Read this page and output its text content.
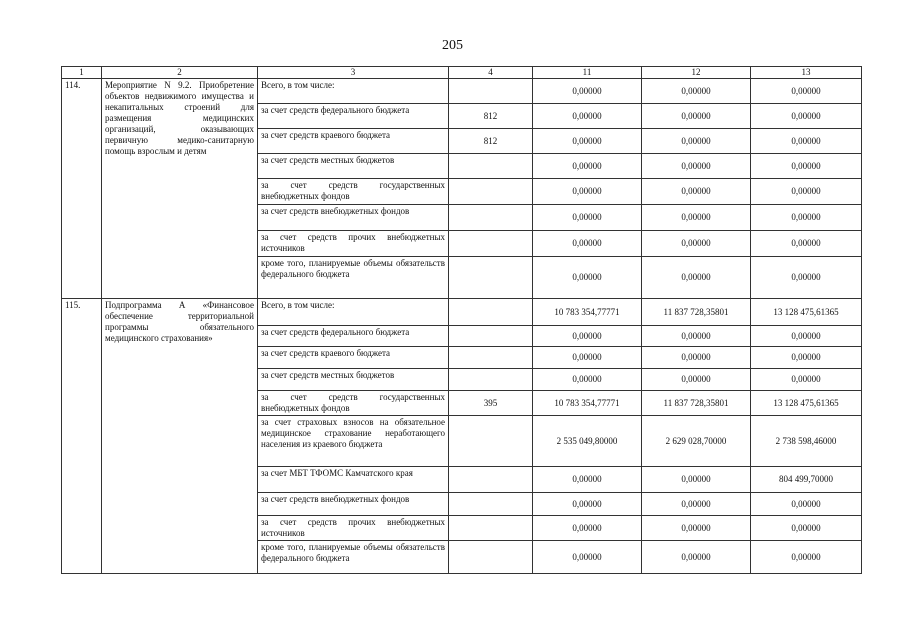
205
1	2	3	4	11	12	13
114.	Мероприятие N 9.2. Приобретение объектов недвижимого имущества и некапитальных строений для размещения медицинских организаций, оказывающих первичную медико-санитарную помощь взрослым и детям	Всего, в том числе:		0,00000	0,00000	0,00000
		за счет средств федерального бюджета	812	0,00000	0,00000	0,00000
		за счет средств краевого бюджета	812	0,00000	0,00000	0,00000
		за счет средств местных бюджетов		0,00000	0,00000	0,00000
		за счет средств государственных внебюджетных фондов		0,00000	0,00000	0,00000
		за счет средств внебюджетных фондов		0,00000	0,00000	0,00000
		за счет средств прочих внебюджетных источников		0,00000	0,00000	0,00000
		кроме того, планируемые объемы обязательств федерального бюджета		0,00000	0,00000	0,00000
115.	Подпрограмма А «Финансовое обеспечение территориальной программы обязательного медицинского страхования»	Всего, в том числе:		10 783 354,77771	11 837 728,35801	13 128 475,61365
		за счет средств федерального бюджета		0,00000	0,00000	0,00000
		за счет средств краевого бюджета		0,00000	0,00000	0,00000
		за счет средств местных бюджетов		0,00000	0,00000	0,00000
		за счет средств государственных внебюджетных фондов	395	10 783 354,77771	11 837 728,35801	13 128 475,61365
		за счет страховых взносов на обязательное медицинское страхование неработающего населения из краевого бюджета		2 535 049,80000	2 629 028,70000	2 738 598,46000
		за счет МБТ ТФОМС Камчатского края		0,00000	0,00000	804 499,70000
		за счет средств внебюджетных фондов		0,00000	0,00000	0,00000
		за счет средств прочих внебюджетных источников		0,00000	0,00000	0,00000
		кроме того, планируемые объемы обязательств федерального бюджета		0,00000	0,00000	0,00000
